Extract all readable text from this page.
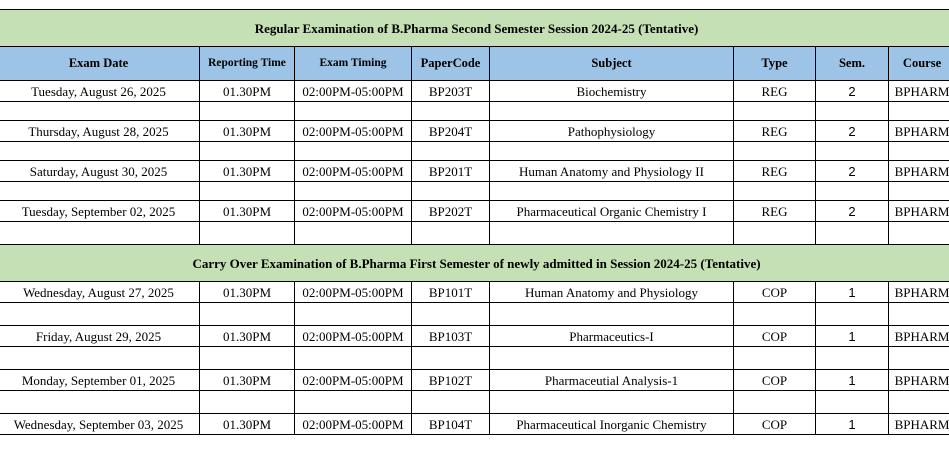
Regular Examination of B.Pharma Second Semester Session 2024-25 (Tentative)							
Exam Date	Reporting Time	Exam Timing	PaperCode	Subject	Type	Sem.	Course
Tuesday, August 26, 2025	01.30PM	02:00PM-05:00PM	BP203T	Biochemistry	REG	2	BPHARM

Thursday, August 28, 2025	01.30PM	02:00PM-05:00PM	BP204T	Pathophysiology	REG	2	BPHARM

Saturday, August 30, 2025	01.30PM	02:00PM-05:00PM	BP201T	Human Anatomy and Physiology II	REG	2	BPHARM

Tuesday, September 02, 2025	01.30PM	02:00PM-05:00PM	BP202T	Pharmaceutical Organic Chemistry I	REG	2	BPHARM

Carry Over Examination of B.Pharma First Semester of newly admitted in Session 2024-25 (Tentative)							
Wednesday, August 27, 2025	01.30PM	02:00PM-05:00PM	BP101T	Human Anatomy and Physiology	COP	1	BPHARM

Friday, August 29, 2025	01.30PM	02:00PM-05:00PM	BP103T	Pharmaceutics-I	COP	1	BPHARM

Monday, September 01, 2025	01.30PM	02:00PM-05:00PM	BP102T	Pharmaceutial Analysis-1	COP	1	BPHARM

Wednesday, September 03, 2025	01.30PM	02:00PM-05:00PM	BP104T	Pharmaceutical Inorganic Chemistry	COP	1	BPHARM
